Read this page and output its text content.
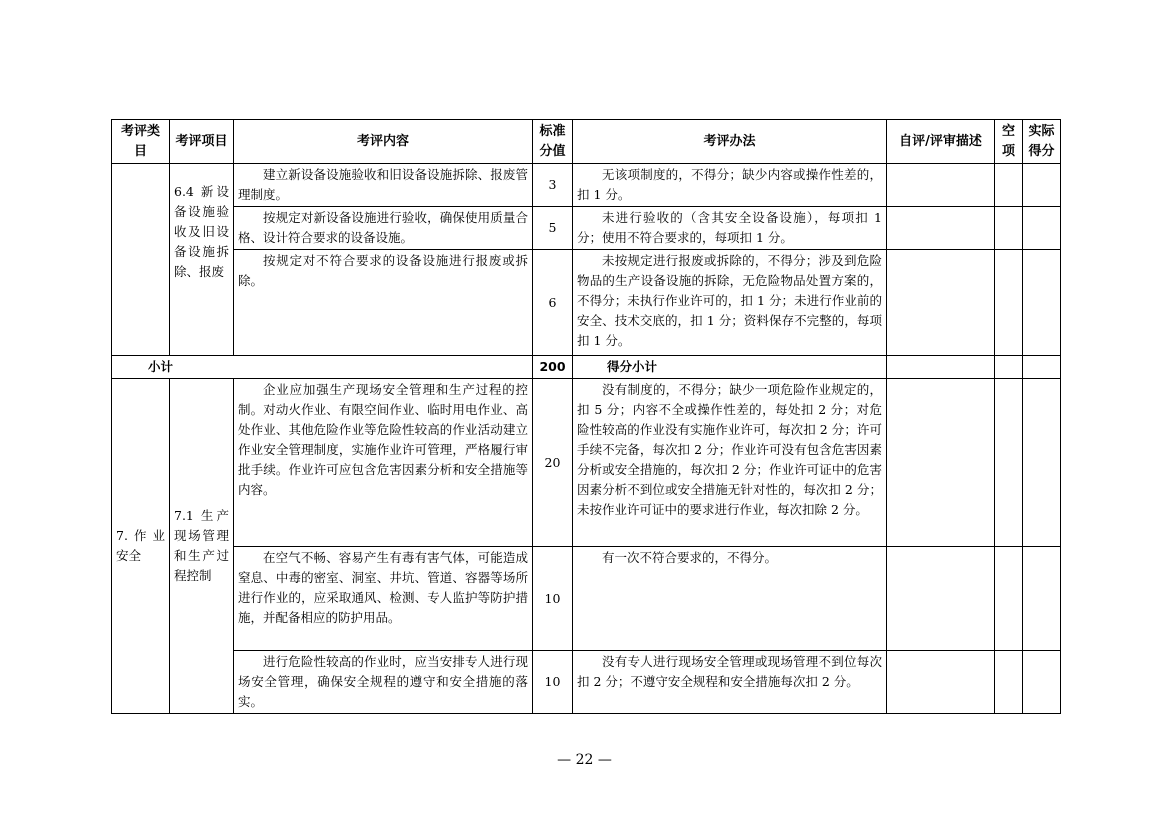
考评类目	考评项目	考评内容	标准分值	考评办法	自评/评审描述	空项	实际得分
	6.4 新设备设施验收及旧设备设施拆除、报废	建立新设备设施验收和旧设备设施拆除、报废管理制度。	3	无该项制度的，不得分；缺少内容或操作性差的，扣 1 分。			
		按规定对新设备设施进行验收，确保使用质量合格、设计符合要求的设备设施。	5	未进行验收的（含其安全设备设施），每项扣 1 分；使用不符合要求的，每项扣 1 分。			
		按规定对不符合要求的设备设施进行报废或拆除。	6	未按规定进行报废或拆除的，不得分；涉及到危险物品的生产设备设施的拆除，无危险物品处置方案的，不得分；未执行作业许可的，扣 1 分；未进行作业前的安全、技术交底的，扣 1 分；资料保存不完整的，每项扣 1 分。			
小计			200	得分小计			
7.作业安全	7.1 生产现场管理和生产过程控制	企业应加强生产现场安全管理和生产过程的控制。对动火作业、有限空间作业、临时用电作业、高处作业、其他危险作业等危险性较高的作业活动建立作业安全管理制度，实施作业许可管理，严格履行审批手续。作业许可应包含危害因素分析和安全措施等内容。	20	没有制度的，不得分；缺少一项危险作业规定的，扣 5 分；内容不全或操作性差的，每处扣 2 分；对危险性较高的作业没有实施作业许可，每次扣 2 分；许可手续不完备，每次扣 2 分；作业许可没有包含危害因素分析或安全措施的，每次扣 2 分；作业许可证中的危害因素分析不到位或安全措施无针对性的，每次扣 2 分；未按作业许可证中的要求进行作业，每次扣除 2 分。			
		在空气不畅、容易产生有毒有害气体，可能造成窒息、中毒的密室、洞室、井坑、管道、容器等场所进行作业的，应采取通风、检测、专人监护等防护措施，并配备相应的防护用品。	10	有一次不符合要求的，不得分。			
		进行危险性较高的作业时，应当安排专人进行现场安全管理，确保安全规程的遵守和安全措施的落实。	10	没有专人进行现场安全管理或现场管理不到位每次扣 2 分；不遵守安全规程和安全措施每次扣 2 分。			
— 22 —
